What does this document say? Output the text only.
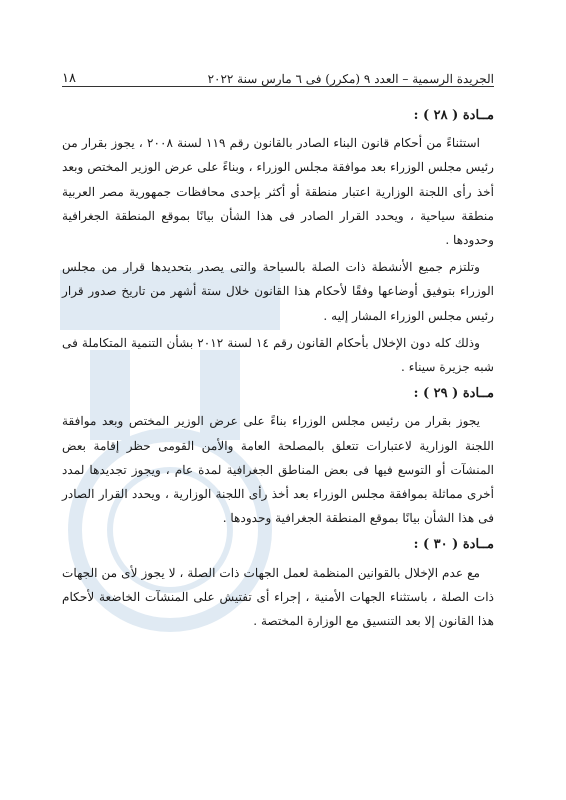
الجريدة الرسمية – العدد ٩ (مكرر) فى ٦ مارس سنة ٢٠٢٢
١٨
مــادة ( ٢٨ ) :

استثناءً من أحكام قانون البناء الصادر بالقانون رقم ١١٩ لسنة ٢٠٠٨ ، يجوز بقرار من رئيس مجلس الوزراء بعد موافقة مجلس الوزراء ، وبناءً على عرض الوزير المختص وبعد أخذ رأى اللجنة الوزارية اعتبار منطقة أو أكثر بإحدى محافظات جمهورية مصر العربية منطقة سياحية ، ويحدد القرار الصادر فى هذا الشأن بيانًا بموقع المنطقة الجغرافية وحدودها .

وتلتزم جميع الأنشطة ذات الصلة بالسياحة والتى يصدر بتحديدها قرار من مجلس الوزراء بتوفيق أوضاعها وفقًا لأحكام هذا القانون خلال ستة أشهر من تاريخ صدور قرار رئيس مجلس الوزراء المشار إليه .

وذلك كله دون الإخلال بأحكام القانون رقم ١٤ لسنة ٢٠١٢ بشأن التنمية المتكاملة فى شبه جزيرة سيناء .

مــادة ( ٢٩ ) :

يجوز بقرار من رئيس مجلس الوزراء بناءً على عرض الوزير المختص وبعد موافقة اللجنة الوزارية لاعتبارات تتعلق بالمصلحة العامة والأمن القومى حظر إقامة بعض المنشآت أو التوسع فيها فى بعض المناطق الجغرافية لمدة عام ، ويجوز تجديدها لمدد أخرى مماثلة بموافقة مجلس الوزراء بعد أخذ رأى اللجنة الوزارية ، ويحدد القرار الصادر فى هذا الشأن بيانًا بموقع المنطقة الجغرافية وحدودها .

مــادة ( ٣٠ ) :

مع عدم الإخلال بالقوانين المنظمة لعمل الجهات ذات الصلة ، لا يجوز لأى من الجهات ذات الصلة ، باستثناء الجهات الأمنية ، إجراء أى تفتيش على المنشآت الخاضعة لأحكام هذا القانون إلا بعد التنسيق مع الوزارة المختصة .
